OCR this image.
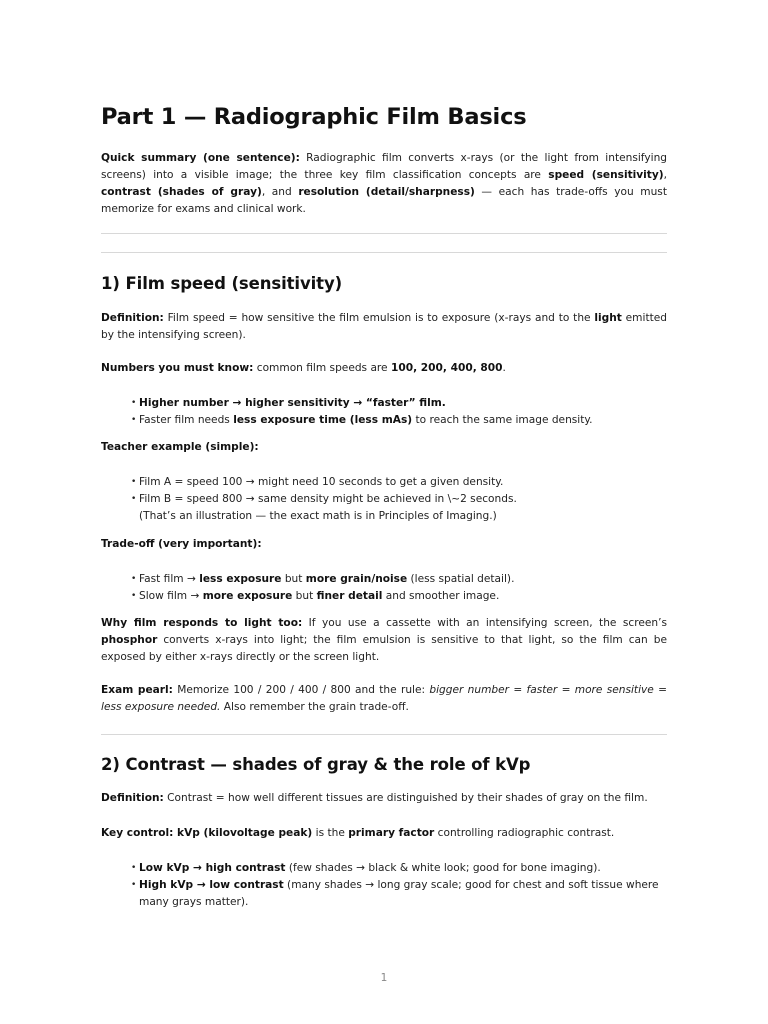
Part 1 — Radiographic Film Basics

Quick summary (one sentence): Radiographic film converts x-rays (or the light from intensifying screens) into a visible image; the three key film classification concepts are speed (sensitivity), contrast (shades of gray), and resolution (detail/sharpness) — each has trade-offs you must memorize for exams and clinical work.

1) Film speed (sensitivity)

Definition: Film speed = how sensitive the film emulsion is to exposure (x-rays and to the light emitted by the intensifying screen).

Numbers you must know: common film speeds are 100, 200, 400, 800.

• Higher number → higher sensitivity → “faster” film.
• Faster film needs less exposure time (less mAs) to reach the same image density.

Teacher example (simple):

• Film A = speed 100 → might need 10 seconds to get a given density.
• Film B = speed 800 → same density might be achieved in \~2 seconds.
(That’s an illustration — the exact math is in Principles of Imaging.)

Trade-off (very important):

• Fast film → less exposure but more grain/noise (less spatial detail).
• Slow film → more exposure but finer detail and smoother image.

Why film responds to light too: If you use a cassette with an intensifying screen, the screen’s phosphor converts x-rays into light; the film emulsion is sensitive to that light, so the film can be exposed by either x-rays directly or the screen light.

Exam pearl: Memorize 100 / 200 / 400 / 800 and the rule: bigger number = faster = more sensitive = less exposure needed. Also remember the grain trade-off.

2) Contrast — shades of gray & the role of kVp

Definition: Contrast = how well different tissues are distinguished by their shades of gray on the film.

Key control: kVp (kilovoltage peak) is the primary factor controlling radiographic contrast.

• Low kVp → high contrast (few shades → black & white look; good for bone imaging).
• High kVp → low contrast (many shades → long gray scale; good for chest and soft tissue where many grays matter).
1
